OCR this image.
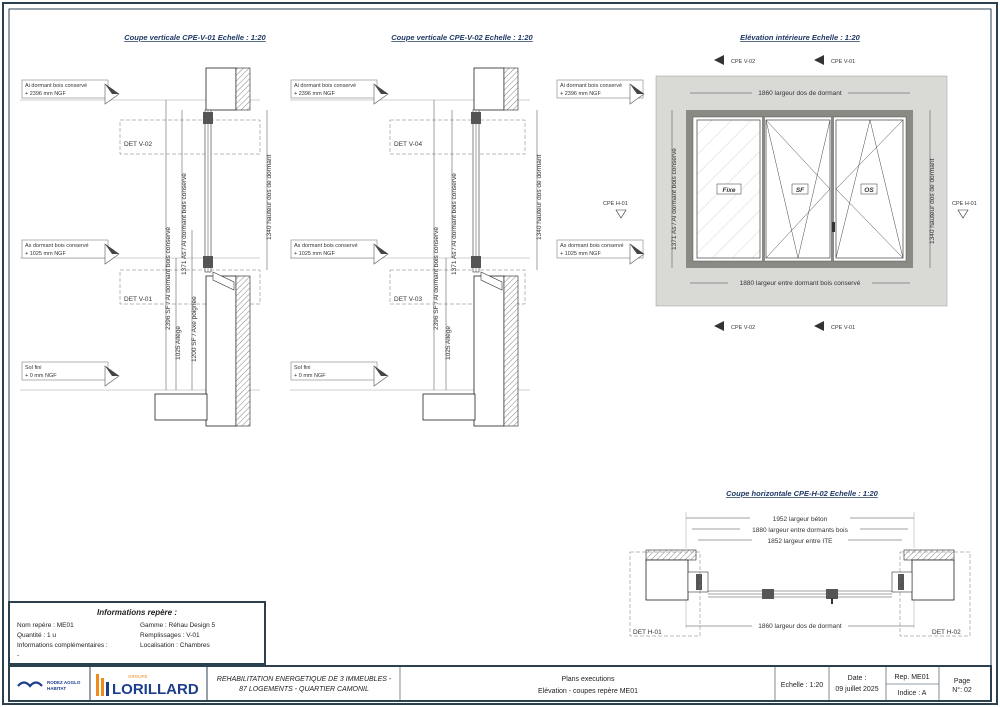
Coupe verticale CPE-V-01 Echelle : 1:20
Ai dormant bois conservé
+ 2396 mm NGF
As dormant bois conservé
+ 1025 mm NGF
Sol fini
+ 0 mm NGF
DET V-02
DET V-01
1371 As / Ai dormant bois conservé
2396 SF / Ai dormant bois conservé
1025 Allège 1200 SF / Axe poignée
1340 hauteur dos de dormant
Coupe verticale CPE-V-02 Echelle : 1:20
Ai dormant bois conservé
+ 2396 mm NGF
As dormant bois conservé
+ 1025 mm NGF
Sol fini
+ 0 mm NGF
DET V-04
DET V-03
1371 As / Ai dormant bois conservé
2396 SF / Ai dormant bois conservé
1025 Allège
1340 hauteur dos de dormant
Elévation intérieure Echelle : 1:20
Ai dormant bois conservé
+ 2396 mm NGF
As dormant bois conservé
+ 1025 mm NGF
Fixe	SF	OS
1860 largeur dos de dormant
1880 largeur entre dormant bois conservé
1371 As / Ai dormant bois conservé	1340 hauteur dos de dormant
CPE V-02	CPE V-01
CPE V-02	CPE V-01
CPE H-01	CPE H-01
Coupe horizontale CPE-H-02 Echelle : 1:20
1952 largeur béton
1880 largeur entre dormants bois
1852 largeur entre ITE
1860 largeur dos de dormant
DET H-01	DET H-02
Informations repère :
Nom repère : ME01
Quantité : 1 u
Informations complémentaires :
-
Gamme : Réhau Design 5
Remplissages : V-01
Localisation : Chambres
RODEZ AGGLO
HABITAT
GROUPE
LORILLARD
REHABILITATION ENERGETIQUE DE 3 IMMEUBLES -
87 LOGEMENTS - QUARTIER CAMONIL
Plans executions
Elévation - coupes repère ME01
Echelle : 1:20
Date :
09 juillet 2025
Rep. ME01
Indice : A
Page
N°: 02
